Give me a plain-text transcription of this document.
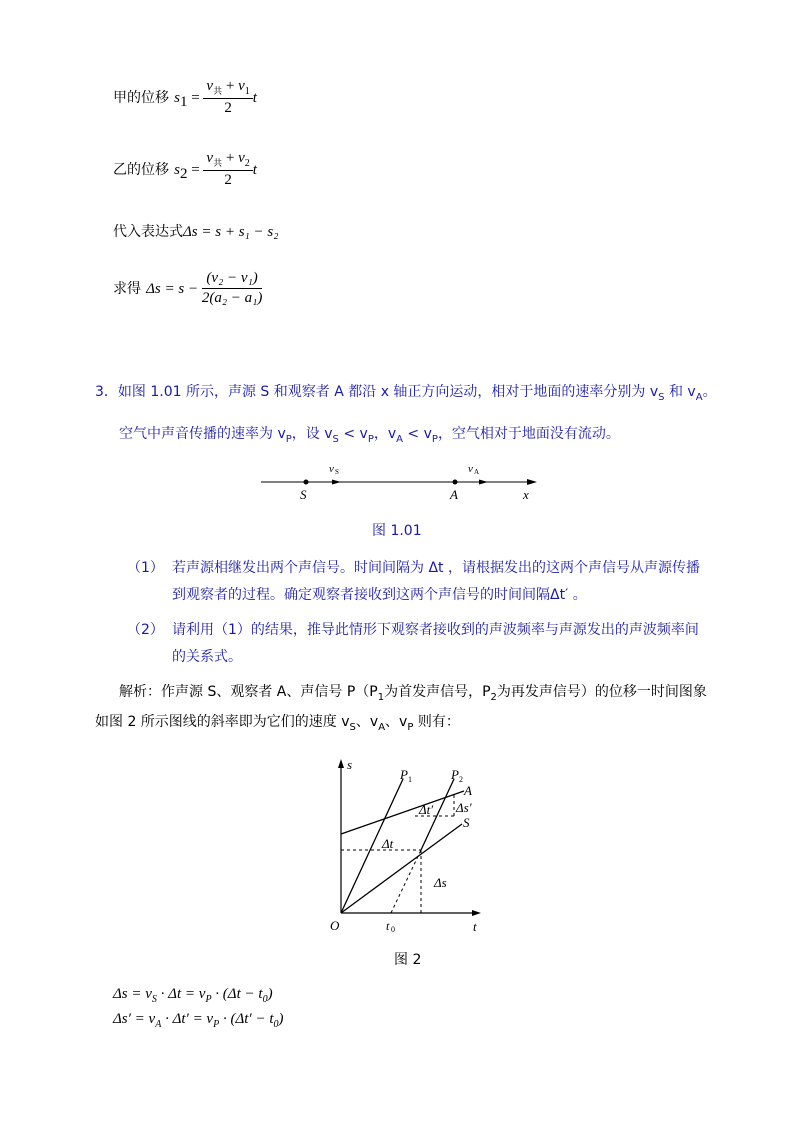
甲的位移 $s_1 = \frac{v_共 + v_1}{2}$ t
乙的位移 $s_2 = \frac{v_共 + v_2}{2}$ t
代入表达式Δs = s + s₁ − s₂
求得 $\Delta s = s - \frac{\text{(v₂ − v₁)}}{\text{2(a₂ − a₁)}}$
3．如图 1.01 所示，声源 S 和观察者 A 都沿 x 轴正方向运动，相对于地面的速率分别为 $v_S$ 和 $v_A$。
空气中声音传播的速率为 $v_P$，设 $v_S < v_P$，$v_A < v_P$，空气相对于地面没有流动。
S	A	x
v S	v A
图 1.01
（1） 若声源相继发出两个声信号。时间间隔为 Δt ，请根据发出的这两个声信号从声源传播
到观察者的过程。确定观察者接收到这两个声信号的时间间隔Δt′ 。
（2） 请利用（1）的结果，推导此情形下观察者接收到的声波频率与声源发出的声波频率间
的关系式。
解析：作声源 S、观察者 A、声信号 $P(P_1$为首发声信号，$P_2$为再发声信号）的位移一时间图象
如图 2 所示图线的斜率即为它们的速度 $v_S$、$v_A$、$v_P$ 则有：
s
t
O	t 0
P 1	P 2
A
S
Δt
Δt′ Δs′
Δs
图 2
$\Delta s = v_S \cdot \Delta t = v_P \cdot (\Delta t - t_0)$
$\Delta s' = v_A \cdot \Delta t' = v_P \cdot (\Delta t' - t_0)$
